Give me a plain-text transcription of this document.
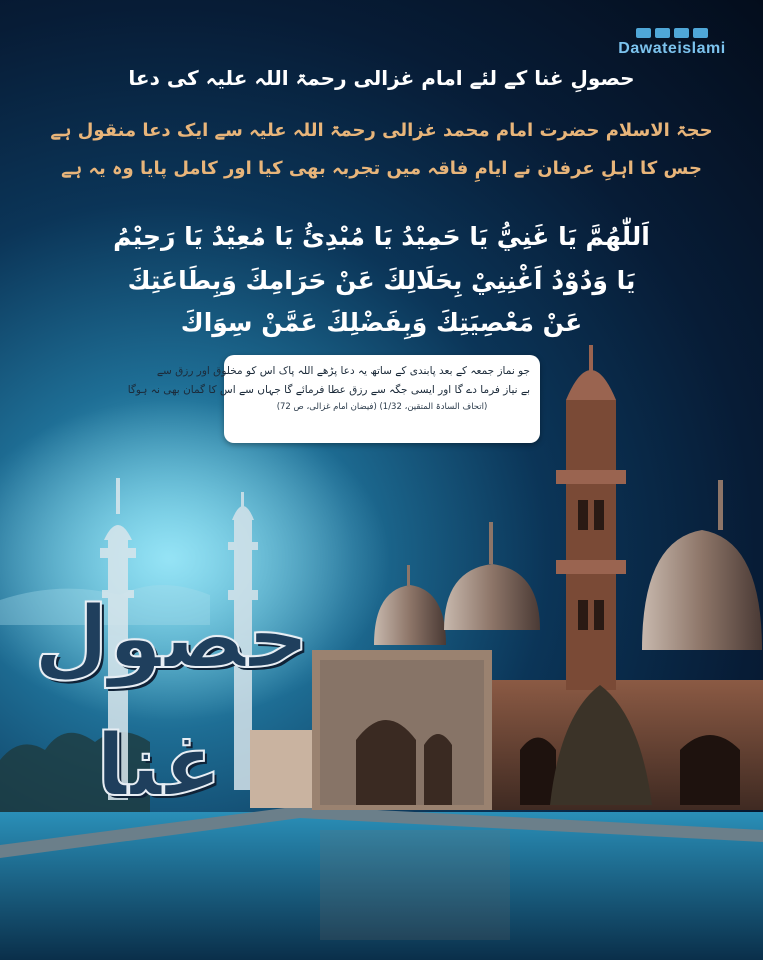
Dawateislami
حصولِ غنا کے لئے امام غزالی رحمۃ اللہ علیہ کی دعا
حجۃ الاسلام حضرت امام محمد غزالی رحمۃ اللہ علیہ سے ایک دعا منقول ہے
جس کا اہلِ عرفان نے ایامِ فاقہ میں تجربہ بھی کیا اور کامل پایا وہ یہ ہے
اَللّٰهُمَّ يَا غَنِيُّ يَا حَمِيْدُ يَا مُبْدِئُ يَا مُعِيْدُ يَا رَحِيْمُ
يَا وَدُوْدُ اَغْنِنِيْ بِحَلَالِكَ عَنْ حَرَامِكَ وَبِطَاعَتِكَ
عَنْ مَعْصِيَتِكَ وَبِفَضْلِكَ عَمَّنْ سِوَاكَ
جو نماز جمعہ کے بعد پابندی کے ساتھ یہ دعا پڑھے اللہ پاک اس کو مخلوق اور رزق سے
بے نیاز فرما دے گا اور ایسی جگہ سے رزق عطا فرمائے گا جہاں سے اس کا گمان بھی نہ ہوگا
(اتحاف السادۃ المتقین، 1/32) (فیضان امام غزالی، ص 72)
حصول
غنا
